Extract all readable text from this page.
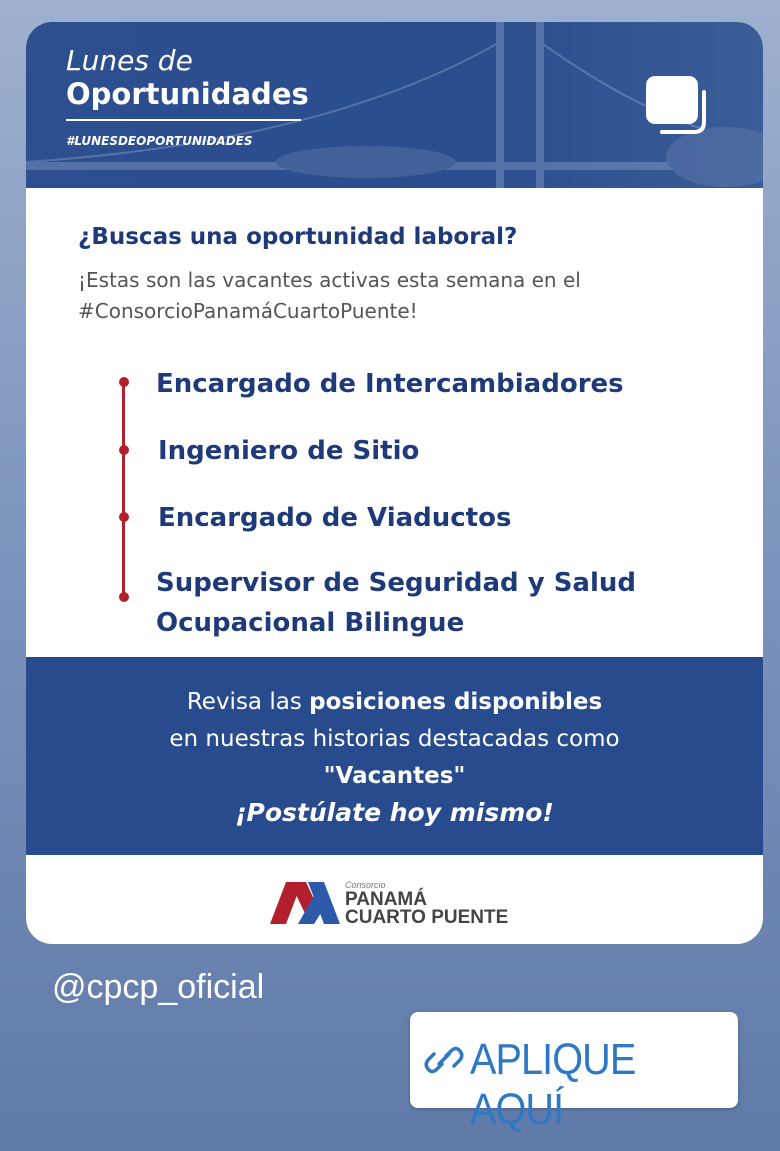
Lunes de
Oportunidades
#LUNESDEOPORTUNIDADES
¿Buscas una oportunidad laboral?
¡Estas son las vacantes activas esta semana en el #ConsorcioPanamáCuartoPuente!
Encargado de Intercambiadores
Ingeniero de Sitio
Encargado de Viaductos
Supervisor de Seguridad y Salud Ocupacional Bilingue
Revisa las posiciones disponibles
en nuestras historias destacadas como
"Vacantes"
¡Postúlate hoy mismo!
Consorcio
PANAMÁ
CUARTO PUENTE
@cpcp_oficial
APLIQUE AQUÍ
